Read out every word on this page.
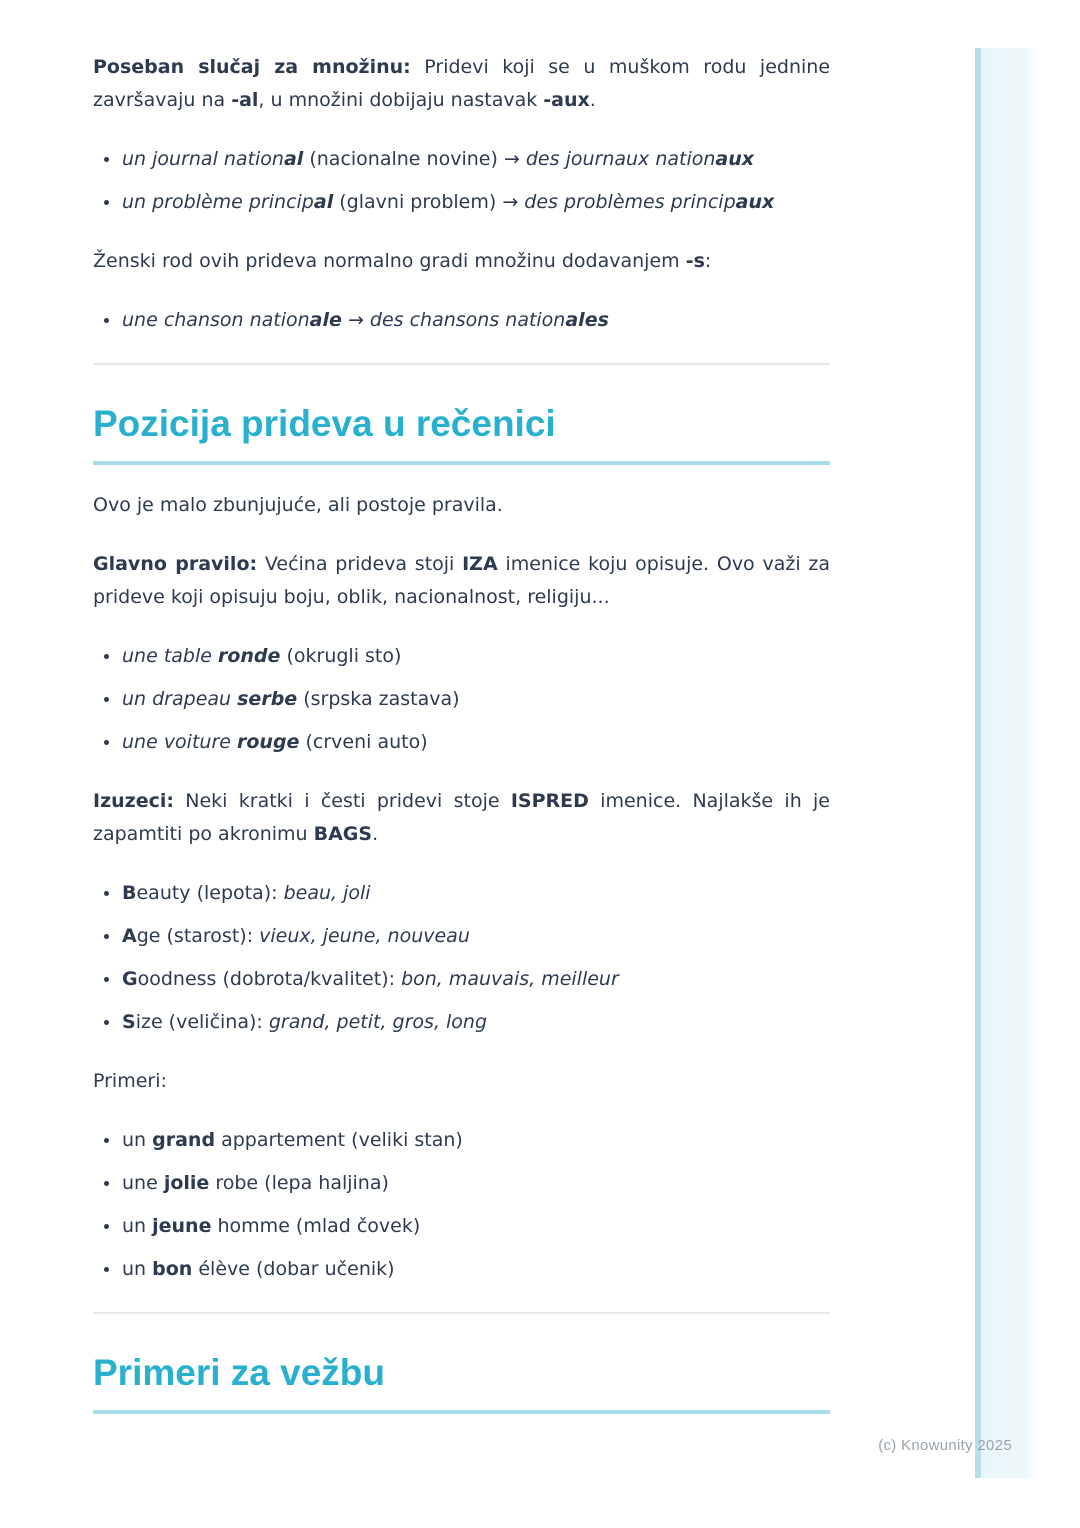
Poseban slučaj za množinu: Pridevi koji se u muškom rodu jednine završavaju na -al, u množini dobijaju nastavak -aux.

un journal national (nacionalne novine) → des journaux nationaux
un problème principal (glavni problem) → des problèmes principaux

Ženski rod ovih prideva normalno gradi množinu dodavanjem -s:

une chanson nationale → des chansons nationales
Pozicija prideva u rečenici

Ovo je malo zbunjujuće, ali postoje pravila.

Glavno pravilo: Većina prideva stoji IZA imenice koju opisuje. Ovo važi za prideve koji opisuju boju, oblik, nacionalnost, religiju...

une table ronde (okrugli sto)
un drapeau serbe (srpska zastava)
une voiture rouge (crveni auto)

Izuzeci: Neki kratki i česti pridevi stoje ISPRED imenice. Najlakše ih je zapamtiti po akronimu BAGS.

Beauty (lepota): beau, joli
Age (starost): vieux, jeune, nouveau
Goodness (dobrota/kvalitet): bon, mauvais, meilleur
Size (veličina): grand, petit, gros, long

Primeri:

un grand appartement (veliki stan)
une jolie robe (lepa haljina)
un jeune homme (mlad čovek)
un bon élève (dobar učenik)
Primeri za vežbu
(c) Knowunity 2025
